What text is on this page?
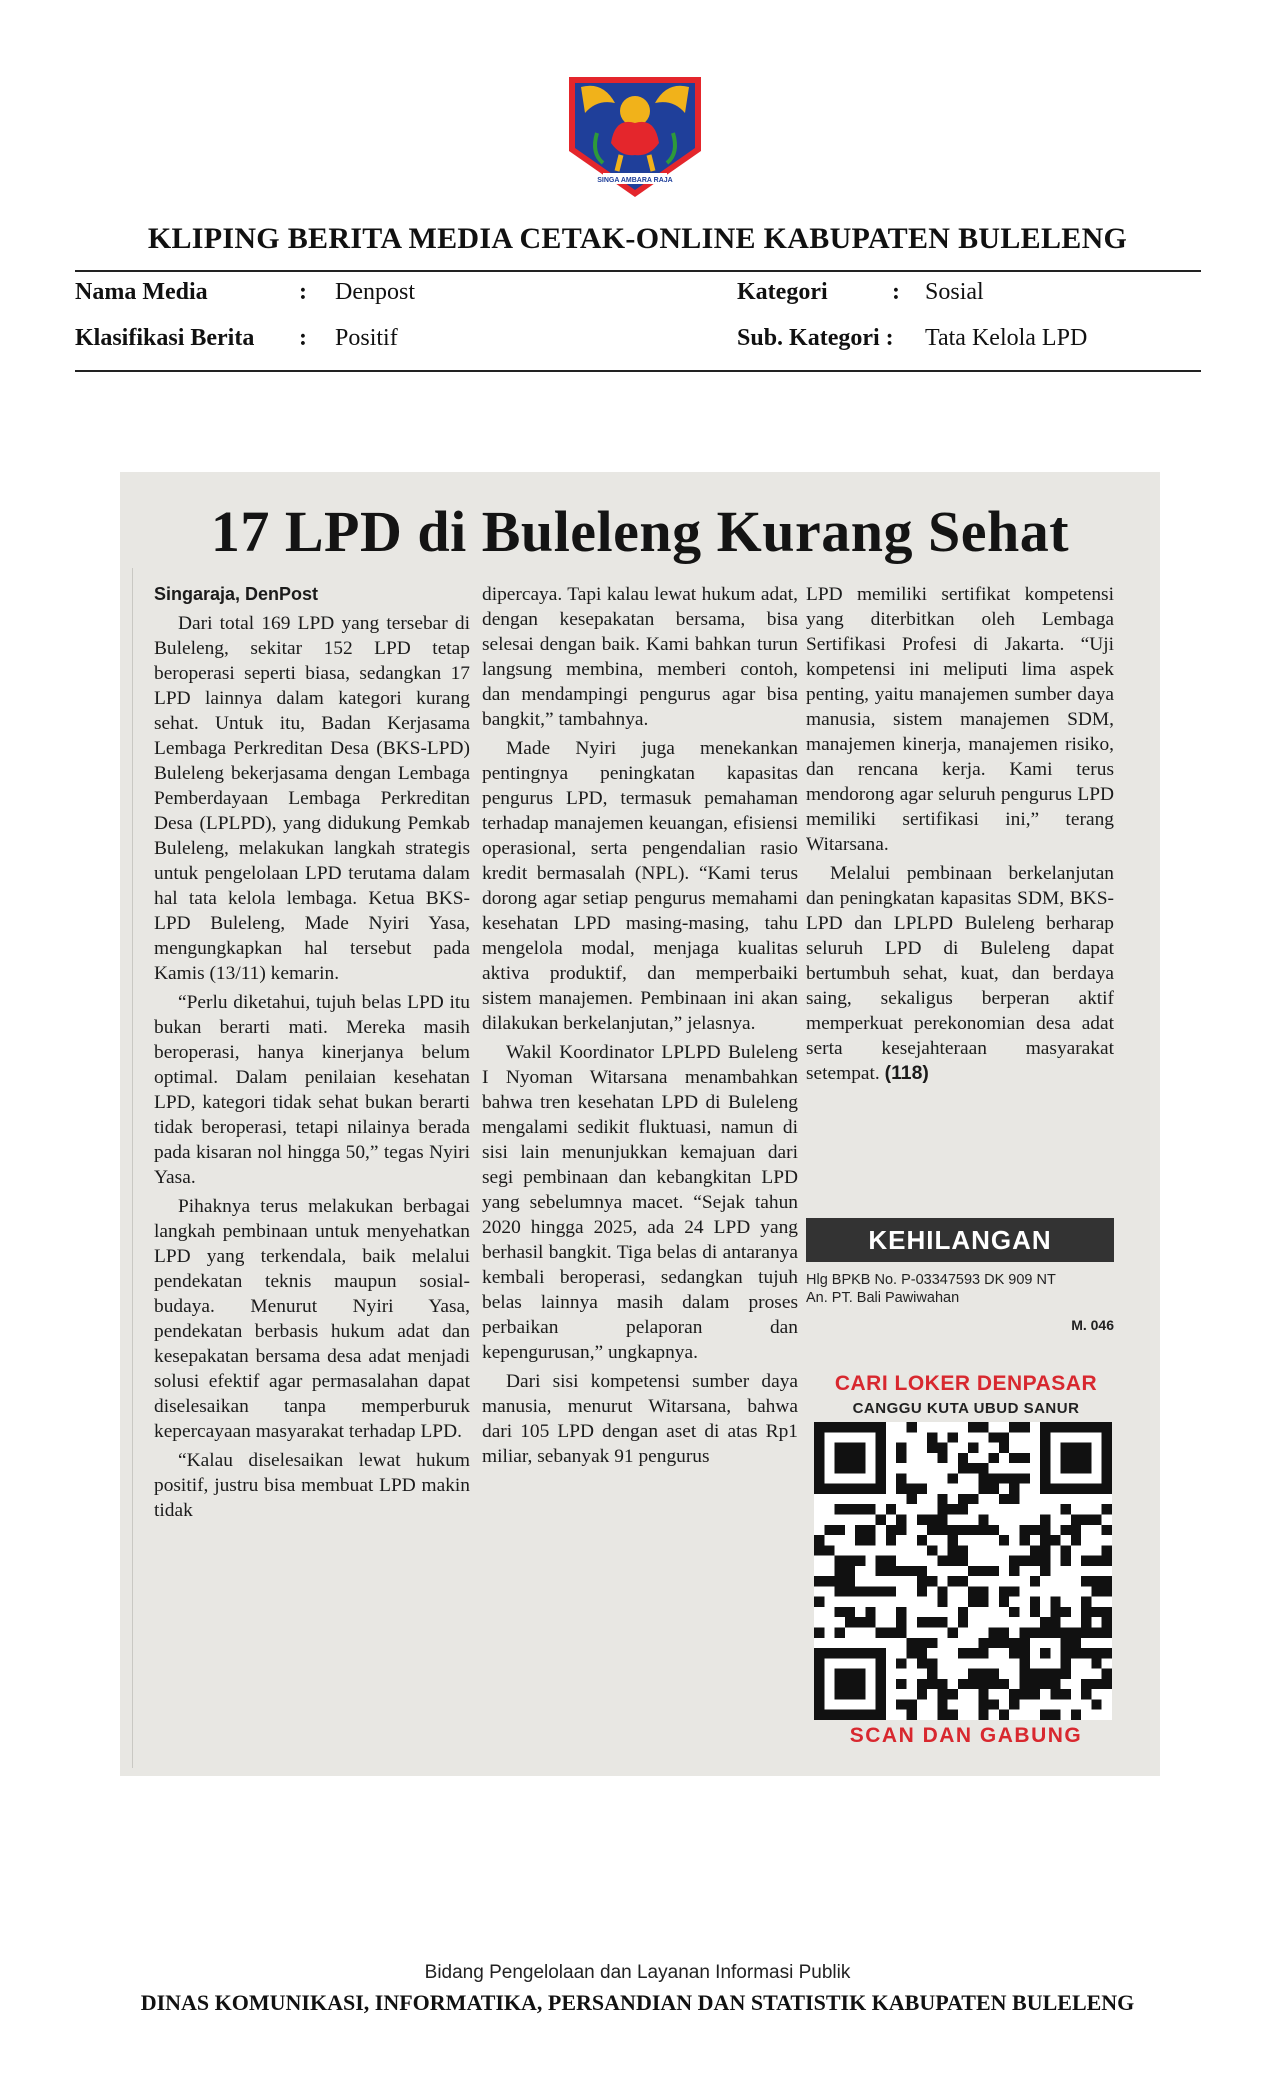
SINGA AMBARA RAJA
KLIPING BERITA MEDIA CETAK-ONLINE KABUPATEN BULELENG
Nama Media	: Denpost
Klasifikasi Berita : Positif
Kategori	: Sosial
Sub. Kategori : Tata Kelola LPD
17 LPD di Buleleng Kurang Sehat

Singaraja, DenPost

Dari total 169 LPD yang tersebar di Buleleng, sekitar 152 LPD tetap beroperasi seperti biasa, sedangkan 17 LPD lainnya dalam kategori kurang sehat. Untuk itu, Badan Kerjasama Lembaga Perkreditan Desa (BKS-LPD) Buleleng bekerjasama dengan Lembaga Pemberdayaan Lembaga Perkreditan Desa (LPLPD), yang didukung Pemkab Buleleng, melakukan langkah strategis untuk pengelolaan LPD terutama dalam hal tata kelola lembaga. Ketua BKS-LPD Buleleng, Made Nyiri Yasa, mengungkapkan hal tersebut pada Kamis (13/11) kemarin.

“Perlu diketahui, tujuh belas LPD itu bukan berarti mati. Mereka masih beroperasi, hanya kinerjanya belum optimal. Dalam penilaian kesehatan LPD, kategori tidak sehat bukan berarti tidak beroperasi, tetapi nilainya berada pada kisaran nol hingga 50,” tegas Nyiri Yasa.

Pihaknya terus melakukan berbagai langkah pembinaan untuk menyehatkan LPD yang terkendala, baik melalui pendekatan teknis maupun sosial-budaya. Menurut Nyiri Yasa, pendekatan berbasis hukum adat dan kesepakatan bersama desa adat menjadi solusi efektif agar permasalahan dapat diselesaikan tanpa memperburuk kepercayaan masyarakat terhadap LPD.

“Kalau diselesaikan lewat hukum positif, justru bisa membuat LPD makin tidak

dipercaya. Tapi kalau lewat hukum adat, dengan kesepakatan bersama, bisa selesai dengan baik. Kami bahkan turun langsung membina, memberi contoh, dan mendampingi pengurus agar bisa bangkit,” tambahnya.

Made Nyiri juga menekankan pentingnya peningkatan kapasitas pengurus LPD, termasuk pemahaman terhadap manajemen keuangan, efisiensi operasional, serta pengendalian rasio kredit bermasalah (NPL). “Kami terus dorong agar setiap pengurus memahami kesehatan LPD masing-masing, tahu mengelola modal, menjaga kualitas aktiva produktif, dan memperbaiki sistem manajemen. Pembinaan ini akan dilakukan berkelanjutan,” jelasnya.

Wakil Koordinator LPLPD Buleleng I Nyoman Witarsana menambahkan bahwa tren kesehatan LPD di Buleleng mengalami sedikit fluktuasi, namun di sisi lain menunjukkan kemajuan dari segi pembinaan dan kebangkitan LPD yang sebelumnya macet. “Sejak tahun 2020 hingga 2025, ada 24 LPD yang berhasil bangkit. Tiga belas di antaranya kembali beroperasi, sedangkan tujuh belas lainnya masih dalam proses perbaikan pelaporan dan kepengurusan,” ungkapnya.

Dari sisi kompetensi sumber daya manusia, menurut Witarsana, bahwa dari 105 LPD dengan aset di atas Rp1 miliar, sebanyak 91 pengurus

LPD memiliki sertifikat kompetensi yang diterbitkan oleh Lembaga Sertifikasi Profesi di Jakarta. “Uji kompetensi ini meliputi lima aspek penting, yaitu manajemen sumber daya manusia, sistem manajemen SDM, manajemen kinerja, manajemen risiko, dan rencana kerja. Kami terus mendorong agar seluruh pengurus LPD memiliki sertifikasi ini,” terang Witarsana.

Melalui pembinaan berkelanjutan dan peningkatan kapasitas SDM, BKS-LPD dan LPLPD Buleleng berharap seluruh LPD di Buleleng dapat bertumbuh sehat, kuat, dan berdaya saing, sekaligus berperan aktif memperkuat perekonomian desa adat serta kesejahteraan masyarakat setempat. (118)

KEHILANGAN
Hlg BPKB No. P-03347593 DK 909 NT
An. PT. Bali Pawiwahan
M. 046
CARI LOKER DENPASAR
CANGGU KUTA UBUD SANUR
SCAN DAN GABUNG
Bidang Pengelolaan dan Layanan Informasi Publik
DINAS KOMUNIKASI, INFORMATIKA, PERSANDIAN DAN STATISTIK KABUPATEN BULELENG
